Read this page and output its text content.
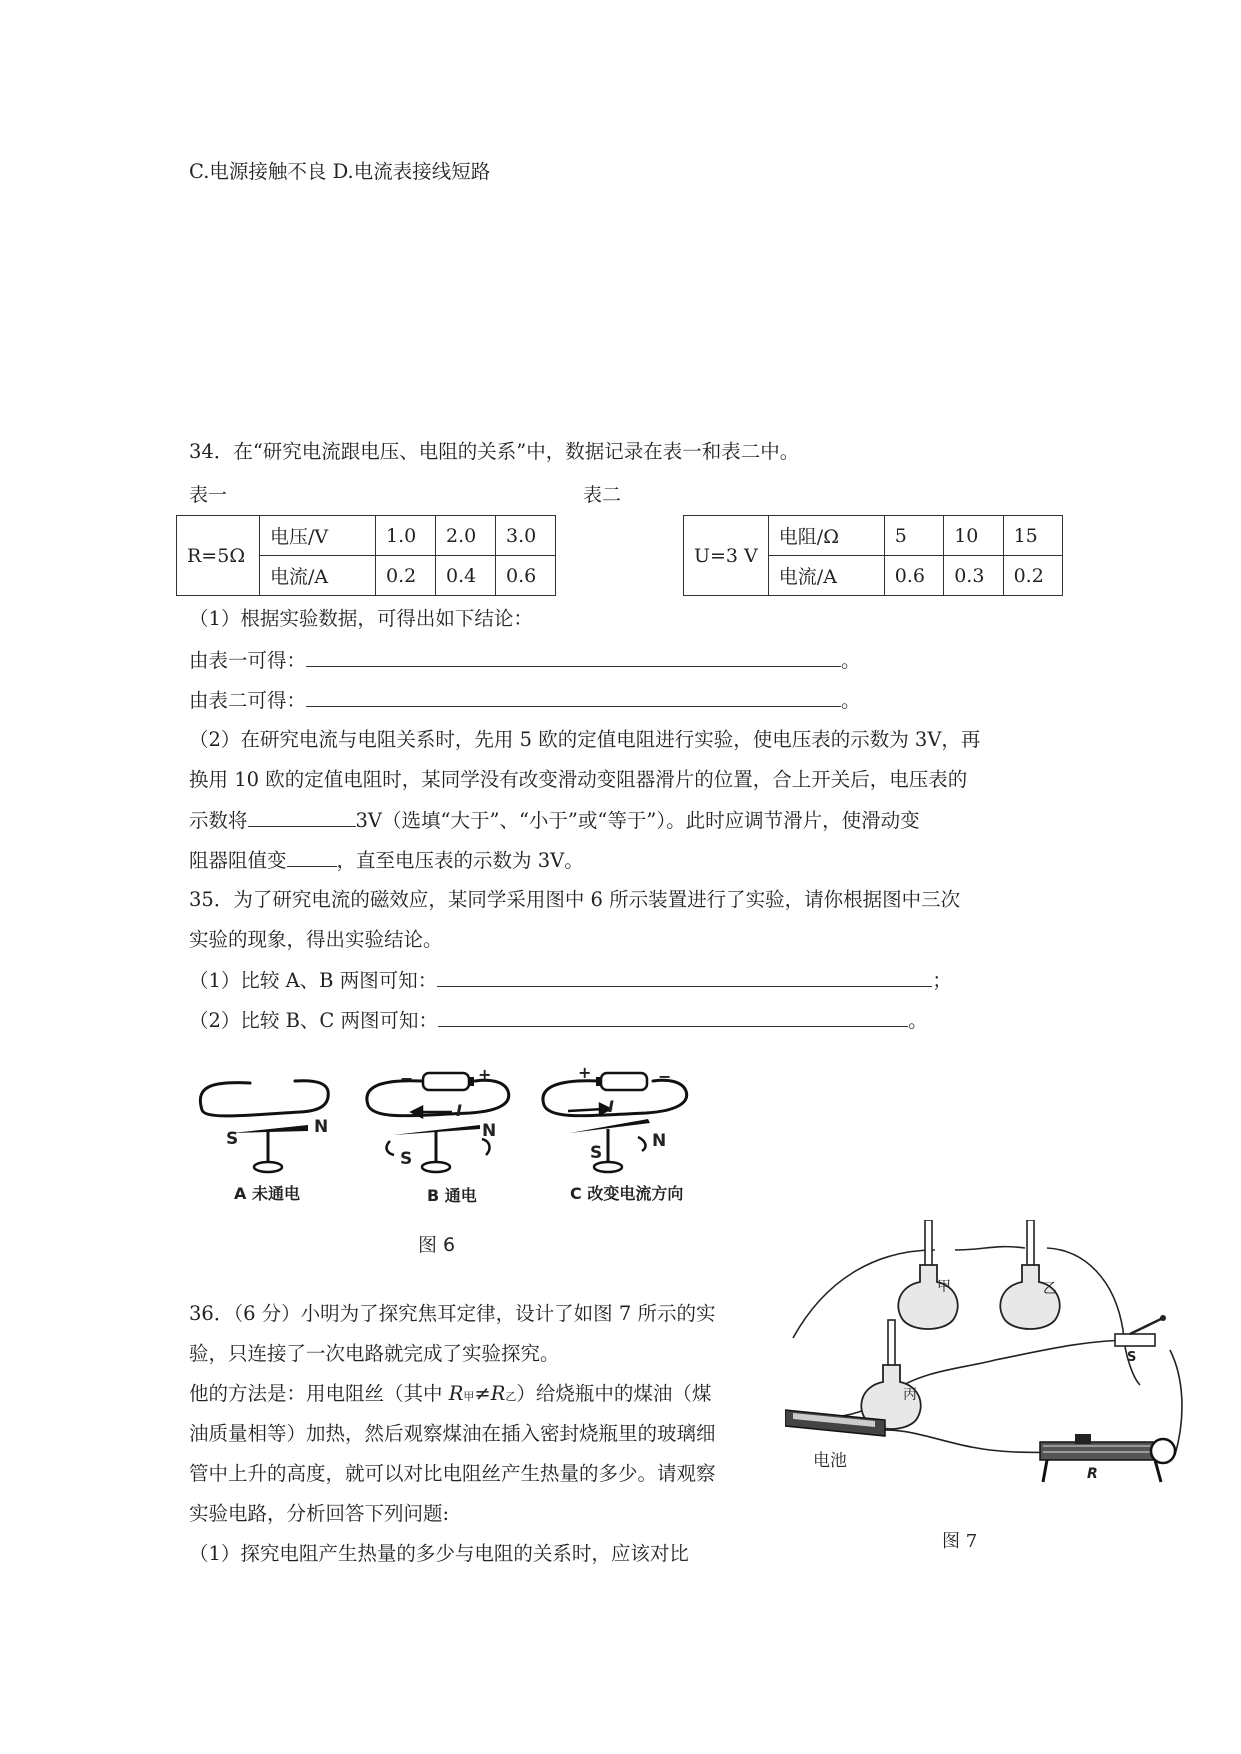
C.电源接触不良 D.电流表接线短路
34．在“研究电流跟电压、电阻的关系”中，数据记录在表一和表二中。
表一	表二
R=5Ω	电压/V	1.0	2.0	3.0
	电流/A	0.2	0.4	0.6
U=3 V	电阻/Ω	5	10	15
	电流/A	0.6	0.3	0.2
（1）根据实验数据，可得出如下结论：
由表一可得：	。
由表二可得：	。
（2）在研究电流与电阻关系时，先用 5 欧的定值电阻进行实验，使电压表的示数为 3V，再
换用 10 欧的定值电阻时，某同学没有改变滑动变阻器滑片的位置，合上开关后，电压表的
示数将	3V（选填“大于”、“小于”或“等于”）。此时应调节滑片，使滑动变
阻器阻值变	，直至电压表的示数为 3V。
35．为了研究电流的磁效应，某同学采用图中 6 所示装置进行了实验，请你根据图中三次
实验的现象，得出实验结论。
（1）比较 A、B 两图可知：	；
（2）比较 B、C 两图可知：	。
S
N
−	+
I
S
N
+	−
I
S
N
A 未通电	B 通电	C 改变电流方向
图 6
36．（6 分）小明为了探究焦耳定律，设计了如图 7 所示的实
验，只连接了一次电路就完成了实验探究。
他的方法是：用电阻丝（其中 R甲≠R乙）给烧瓶中的煤油（煤
油质量相等）加热，然后观察煤油在插入密封烧瓶里的玻璃细
管中上升的高度，就可以对比电阻丝产生热量的多少。请观察
实验电路，分析回答下列问题:
（1）探究电阻产生热量的多少与电阻的关系时，应该对比
甲	乙
丙
S
电池
R
图 7
